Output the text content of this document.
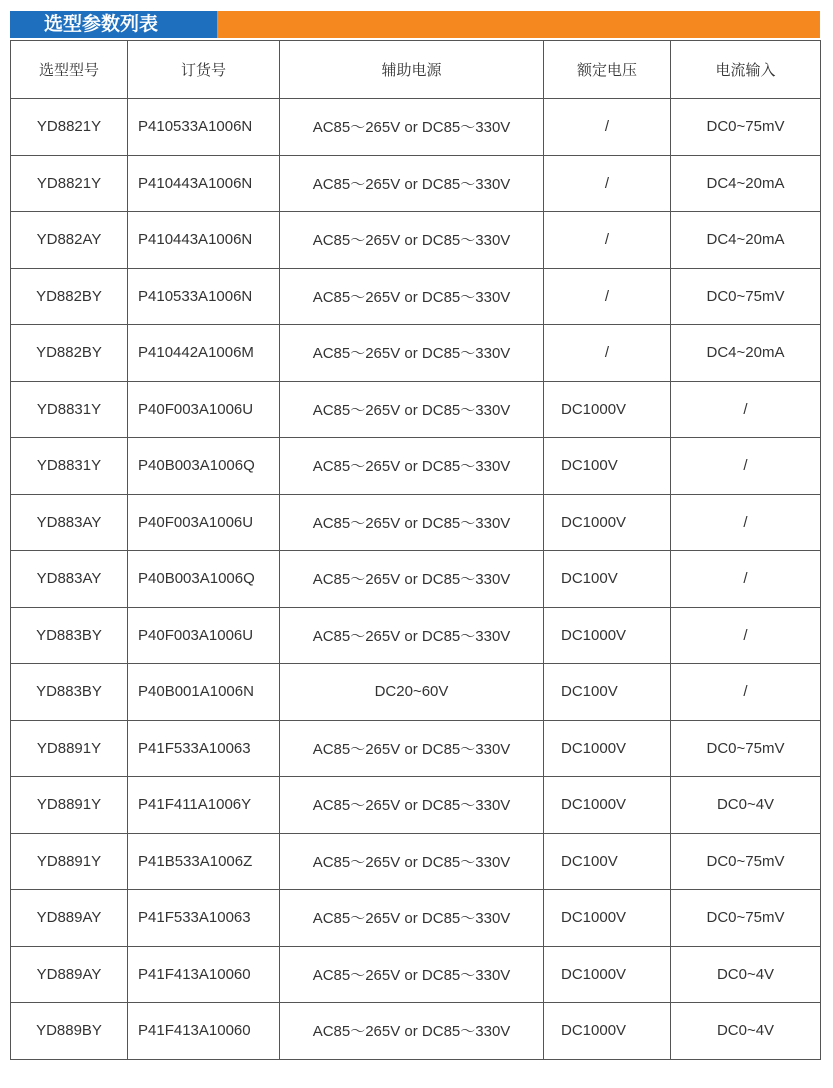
选型参数列表
选型型号	订货号	辅助电源	额定电压	电流输入
YD8821Y	P410533A1006N	AC85～265V or DC85～330V	/	DC0~75mV
YD8821Y	P410443A1006N	AC85～265V or DC85～330V	/	DC4~20mA
YD882AY	P410443A1006N	AC85～265V or DC85～330V	/	DC4~20mA
YD882BY	P410533A1006N	AC85～265V or DC85～330V	/	DC0~75mV
YD882BY	P410442A1006M	AC85～265V or DC85～330V	/	DC4~20mA
YD8831Y	P40F003A1006U	AC85～265V or DC85～330V	DC1000V	/
YD8831Y	P40B003A1006Q	AC85～265V or DC85～330V	DC100V	/
YD883AY	P40F003A1006U	AC85～265V or DC85～330V	DC1000V	/
YD883AY	P40B003A1006Q	AC85～265V or DC85～330V	DC100V	/
YD883BY	P40F003A1006U	AC85～265V or DC85～330V	DC1000V	/
YD883BY	P40B001A1006N	DC20~60V	DC100V	/
YD8891Y	P41F533A10063	AC85～265V or DC85～330V	DC1000V	DC0~75mV
YD8891Y	P41F411A1006Y	AC85～265V or DC85～330V	DC1000V	DC0~4V
YD8891Y	P41B533A1006Z	AC85～265V or DC85～330V	DC100V	DC0~75mV
YD889AY	P41F533A10063	AC85～265V or DC85～330V	DC1000V	DC0~75mV
YD889AY	P41F413A10060	AC85～265V or DC85～330V	DC1000V	DC0~4V
YD889BY	P41F413A10060	AC85～265V or DC85～330V	DC1000V	DC0~4V
